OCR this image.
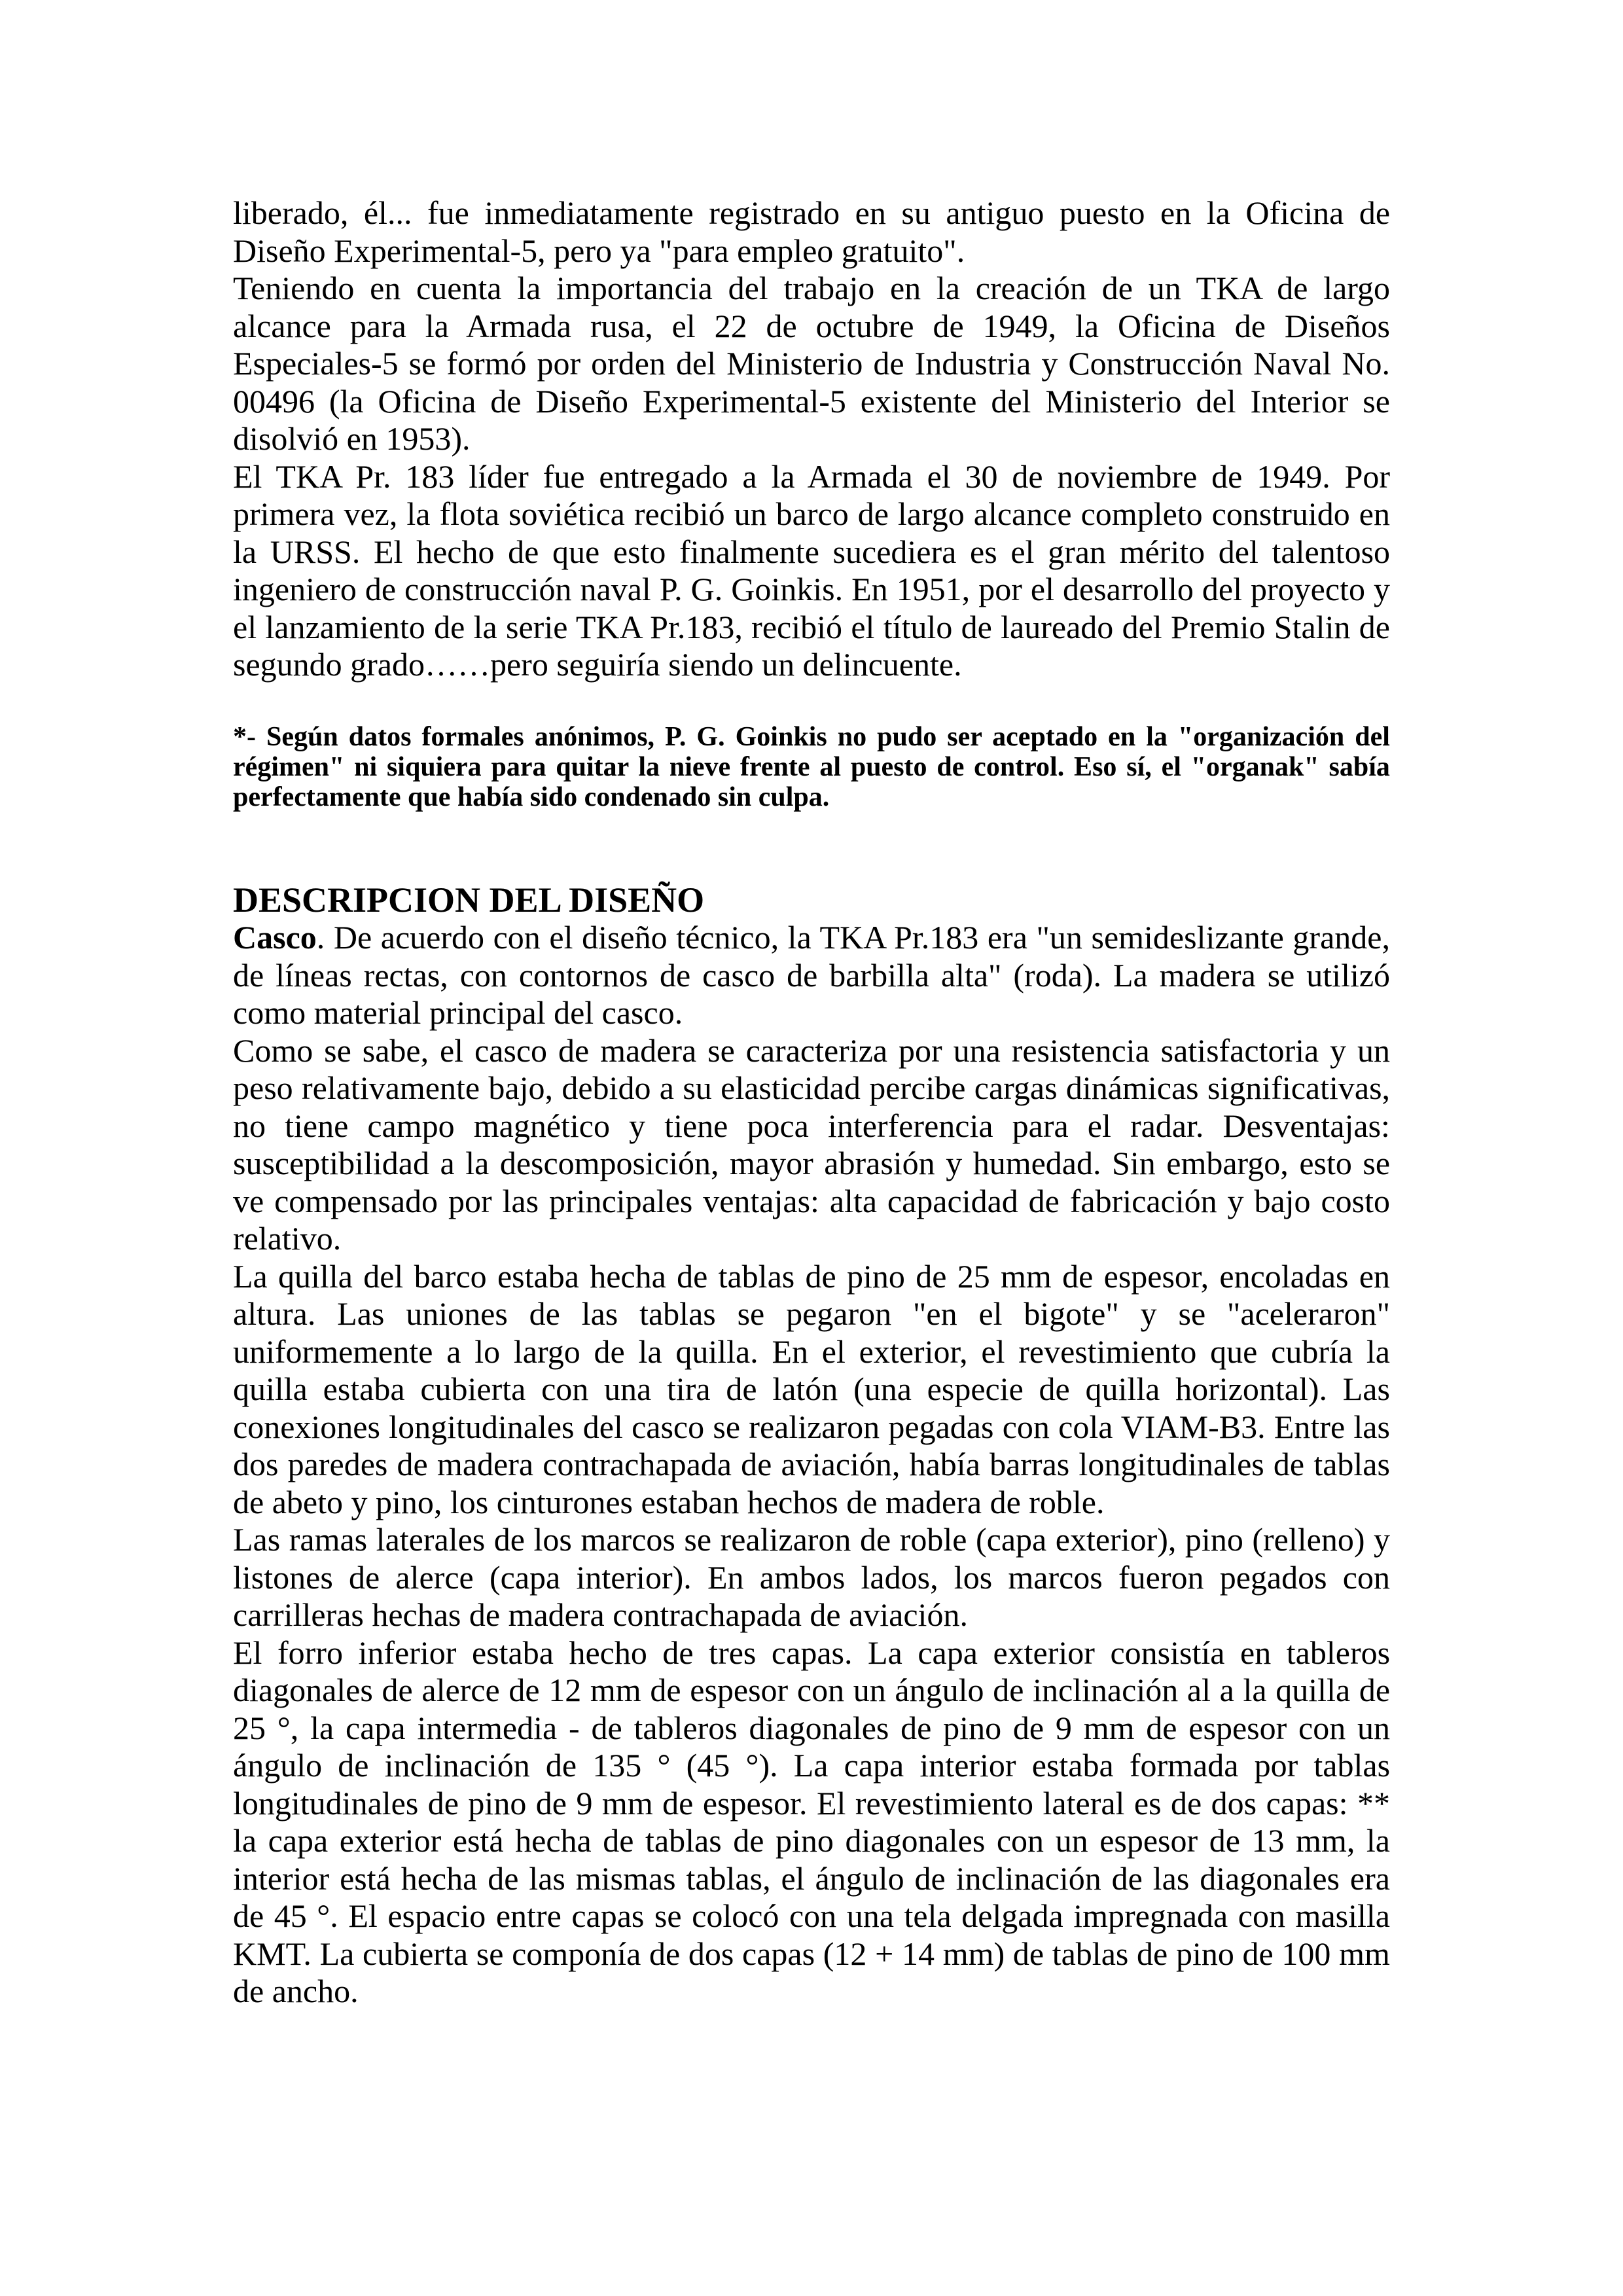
liberado, él... fue inmediatamente registrado en su antiguo puesto en la Oficina de
Diseño Experimental-5, pero ya "para empleo gratuito".
Teniendo en cuenta la importancia del trabajo en la creación de un TKA de largo
alcance para la Armada rusa, el 22 de octubre de 1949, la Oficina de Diseños
Especiales-5 se formó por orden del Ministerio de Industria y Construcción Naval No.
00496 (la Oficina de Diseño Experimental-5 existente del Ministerio del Interior se
disolvió en 1953).
El TKA Pr. 183 líder fue entregado a la Armada el 30 de noviembre de 1949. Por
primera vez, la flota soviética recibió un barco de largo alcance completo construido en
la URSS. El hecho de que esto finalmente sucediera es el gran mérito del talentoso
ingeniero de construcción naval P. G. Goinkis. En 1951, por el desarrollo del proyecto y
el lanzamiento de la serie TKA Pr.183, recibió el título de laureado del Premio Stalin de
segundo grado……pero seguiría siendo un delincuente.
*- Según datos formales anónimos, P. G. Goinkis no pudo ser aceptado en la "organización del
régimen" ni siquiera para quitar la nieve frente al puesto de control. Eso sí, el "organak" sabía
perfectamente que había sido condenado sin culpa.
DESCRIPCION DEL DISEÑO
Casco. De acuerdo con el diseño técnico, la TKA Pr.183 era "un semideslizante grande,
de líneas rectas, con contornos de casco de barbilla alta" (roda). La madera se utilizó
como material principal del casco.
Como se sabe, el casco de madera se caracteriza por una resistencia satisfactoria y un
peso relativamente bajo, debido a su elasticidad percibe cargas dinámicas significativas,
no tiene campo magnético y tiene poca interferencia para el radar. Desventajas:
susceptibilidad a la descomposición, mayor abrasión y humedad. Sin embargo, esto se
ve compensado por las principales ventajas: alta capacidad de fabricación y bajo costo
relativo.
La quilla del barco estaba hecha de tablas de pino de 25 mm de espesor, encoladas en
altura. Las uniones de las tablas se pegaron "en el bigote" y se "aceleraron"
uniformemente a lo largo de la quilla. En el exterior, el revestimiento que cubría la
quilla estaba cubierta con una tira de latón (una especie de quilla horizontal). Las
conexiones longitudinales del casco se realizaron pegadas con cola VIAM-B3. Entre las
dos paredes de madera contrachapada de aviación, había barras longitudinales de tablas
de abeto y pino, los cinturones estaban hechos de madera de roble.
Las ramas laterales de los marcos se realizaron de roble (capa exterior), pino (relleno) y
listones de alerce (capa interior). En ambos lados, los marcos fueron pegados con
carrilleras hechas de madera contrachapada de aviación.
El forro inferior estaba hecho de tres capas. La capa exterior consistía en tableros
diagonales de alerce de 12 mm de espesor con un ángulo de inclinación al a la quilla de
25 °, la capa intermedia - de tableros diagonales de pino de 9 mm de espesor con un
ángulo de inclinación de 135 ° (45 °). La capa interior estaba formada por tablas
longitudinales de pino de 9 mm de espesor. El revestimiento lateral es de dos capas: **
la capa exterior está hecha de tablas de pino diagonales con un espesor de 13 mm, la
interior está hecha de las mismas tablas, el ángulo de inclinación de las diagonales era
de 45 °. El espacio entre capas se colocó con una tela delgada impregnada con masilla
KMT. La cubierta se componía de dos capas (12 + 14 mm) de tablas de pino de 100 mm
de ancho.
